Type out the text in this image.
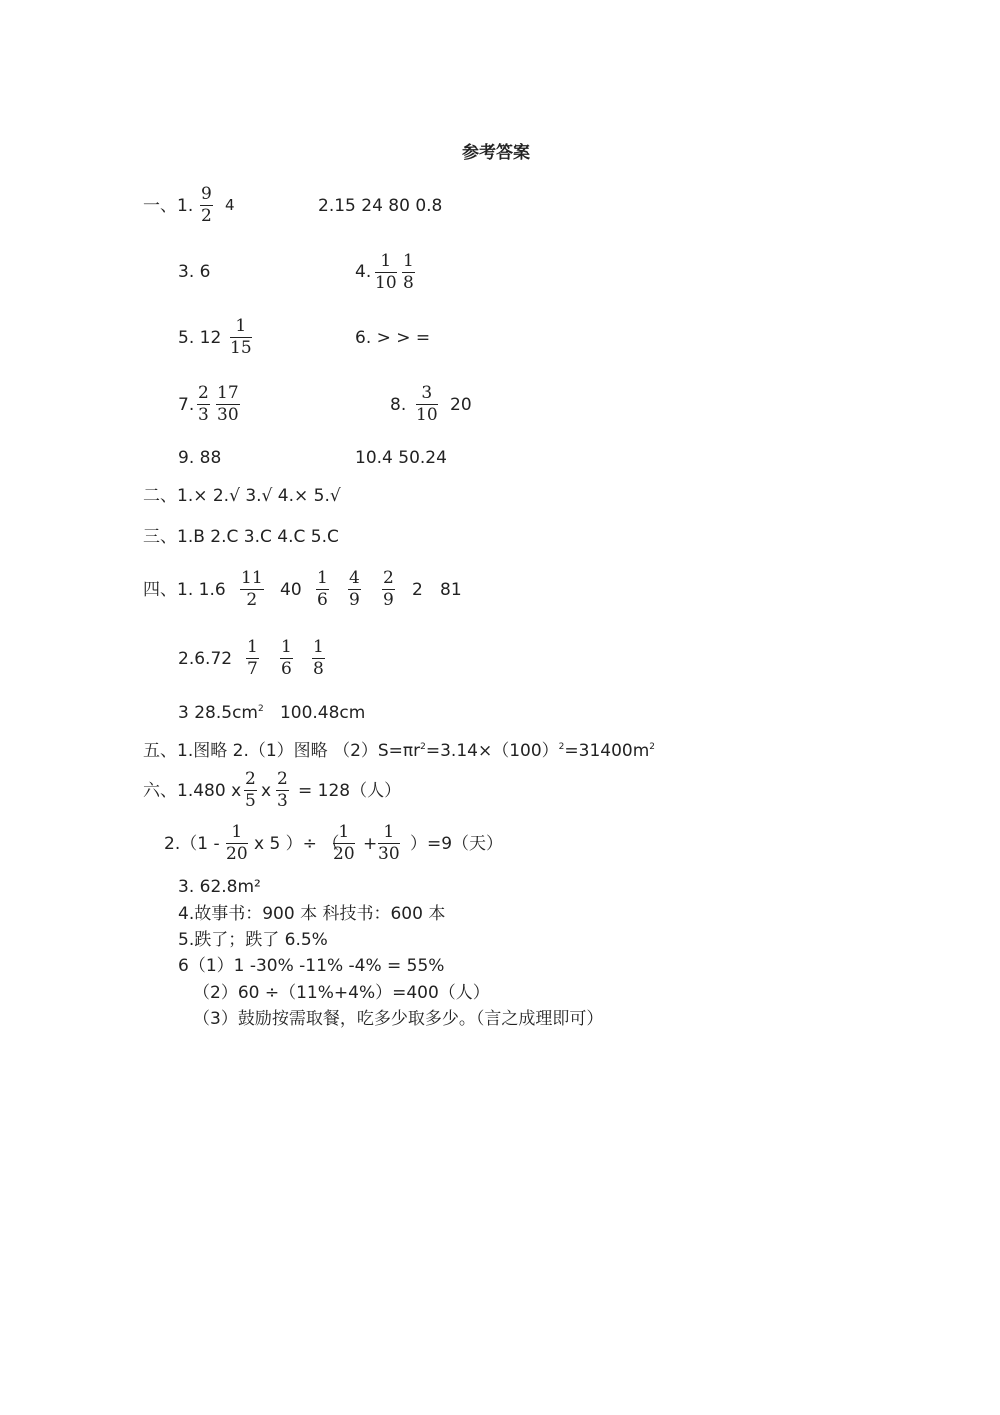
参考答案
一、1.
9
2
4	2.15 24 80 0.8
3. 6	4.
1
10
1
8
5. 12
1
15	6. > > =
7.
2
3
17
30	8.
3
10 20
9. 88	10.4 50.24
二、1.× 2.√ 3.√ 4.× 5.√
三、1.B 2.C 3.C 4.C 5.C
四、1. 1.6
11
2	40
1
6
4
9
2
9 2 81
2.6.72
1
7
1
6
1
8
3 $28.5cm^2$ 100.48cm
五、1.图略 2.（1）图略 $(2)S=\pi r^2=3.14\times(100)^2=31400m^2$
六、1.480 x
2
5 x
2
3 = 128（人）
2.（1 -
1
20 x 5 ）÷ （
1
20 +
1
30 ）=9（天）
3. 62.8m²
4.故事书：900 本 科技书：600 本
5.跌了；跌了 6.5%
6（1）1 -30% -11% -4% = 55%
（2）60 ÷（11%+4%）=400（人）
（3）鼓励按需取餐，吃多少取多少。（言之成理即可）
